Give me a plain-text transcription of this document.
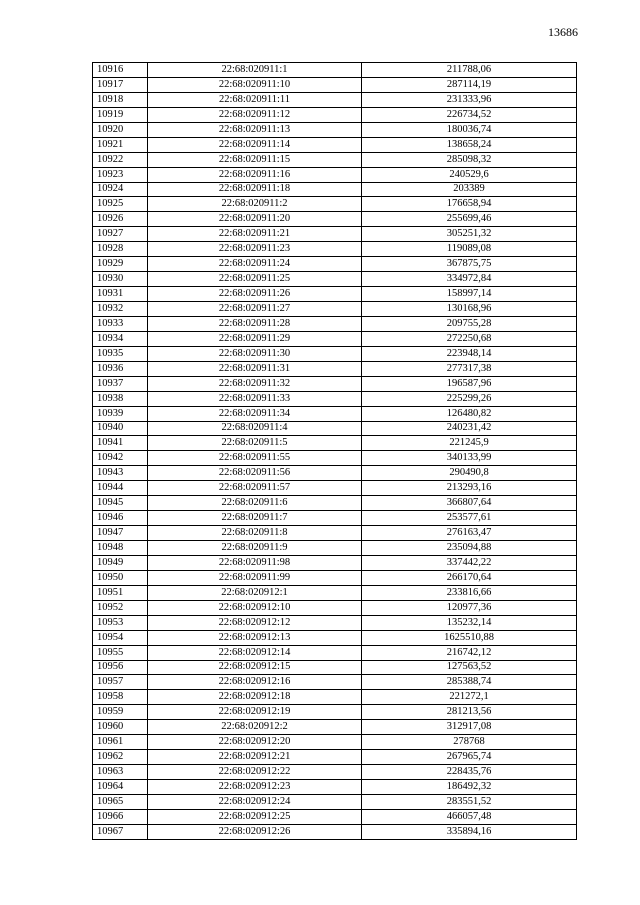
13686
10916	22:68:020911:1	211788,06
10917	22:68:020911:10	287114,19
10918	22:68:020911:11	231333,96
10919	22:68:020911:12	226734,52
10920	22:68:020911:13	180036,74
10921	22:68:020911:14	138658,24
10922	22:68:020911:15	285098,32
10923	22:68:020911:16	240529,6
10924	22:68:020911:18	203389
10925	22:68:020911:2	176658,94
10926	22:68:020911:20	255699,46
10927	22:68:020911:21	305251,32
10928	22:68:020911:23	119089,08
10929	22:68:020911:24	367875,75
10930	22:68:020911:25	334972,84
10931	22:68:020911:26	158997,14
10932	22:68:020911:27	130168,96
10933	22:68:020911:28	209755,28
10934	22:68:020911:29	272250,68
10935	22:68:020911:30	223948,14
10936	22:68:020911:31	277317,38
10937	22:68:020911:32	196587,96
10938	22:68:020911:33	225299,26
10939	22:68:020911:34	126480,82
10940	22:68:020911:4	240231,42
10941	22:68:020911:5	221245,9
10942	22:68:020911:55	340133,99
10943	22:68:020911:56	290490,8
10944	22:68:020911:57	213293,16
10945	22:68:020911:6	366807,64
10946	22:68:020911:7	253577,61
10947	22:68:020911:8	276163,47
10948	22:68:020911:9	235094,88
10949	22:68:020911:98	337442,22
10950	22:68:020911:99	266170,64
10951	22:68:020912:1	233816,66
10952	22:68:020912:10	120977,36
10953	22:68:020912:12	135232,14
10954	22:68:020912:13	1625510,88
10955	22:68:020912:14	216742,12
10956	22:68:020912:15	127563,52
10957	22:68:020912:16	285388,74
10958	22:68:020912:18	221272,1
10959	22:68:020912:19	281213,56
10960	22:68:020912:2	312917,08
10961	22:68:020912:20	278768
10962	22:68:020912:21	267965,74
10963	22:68:020912:22	228435,76
10964	22:68:020912:23	186492,32
10965	22:68:020912:24	283551,52
10966	22:68:020912:25	466057,48
10967	22:68:020912:26	335894,16
